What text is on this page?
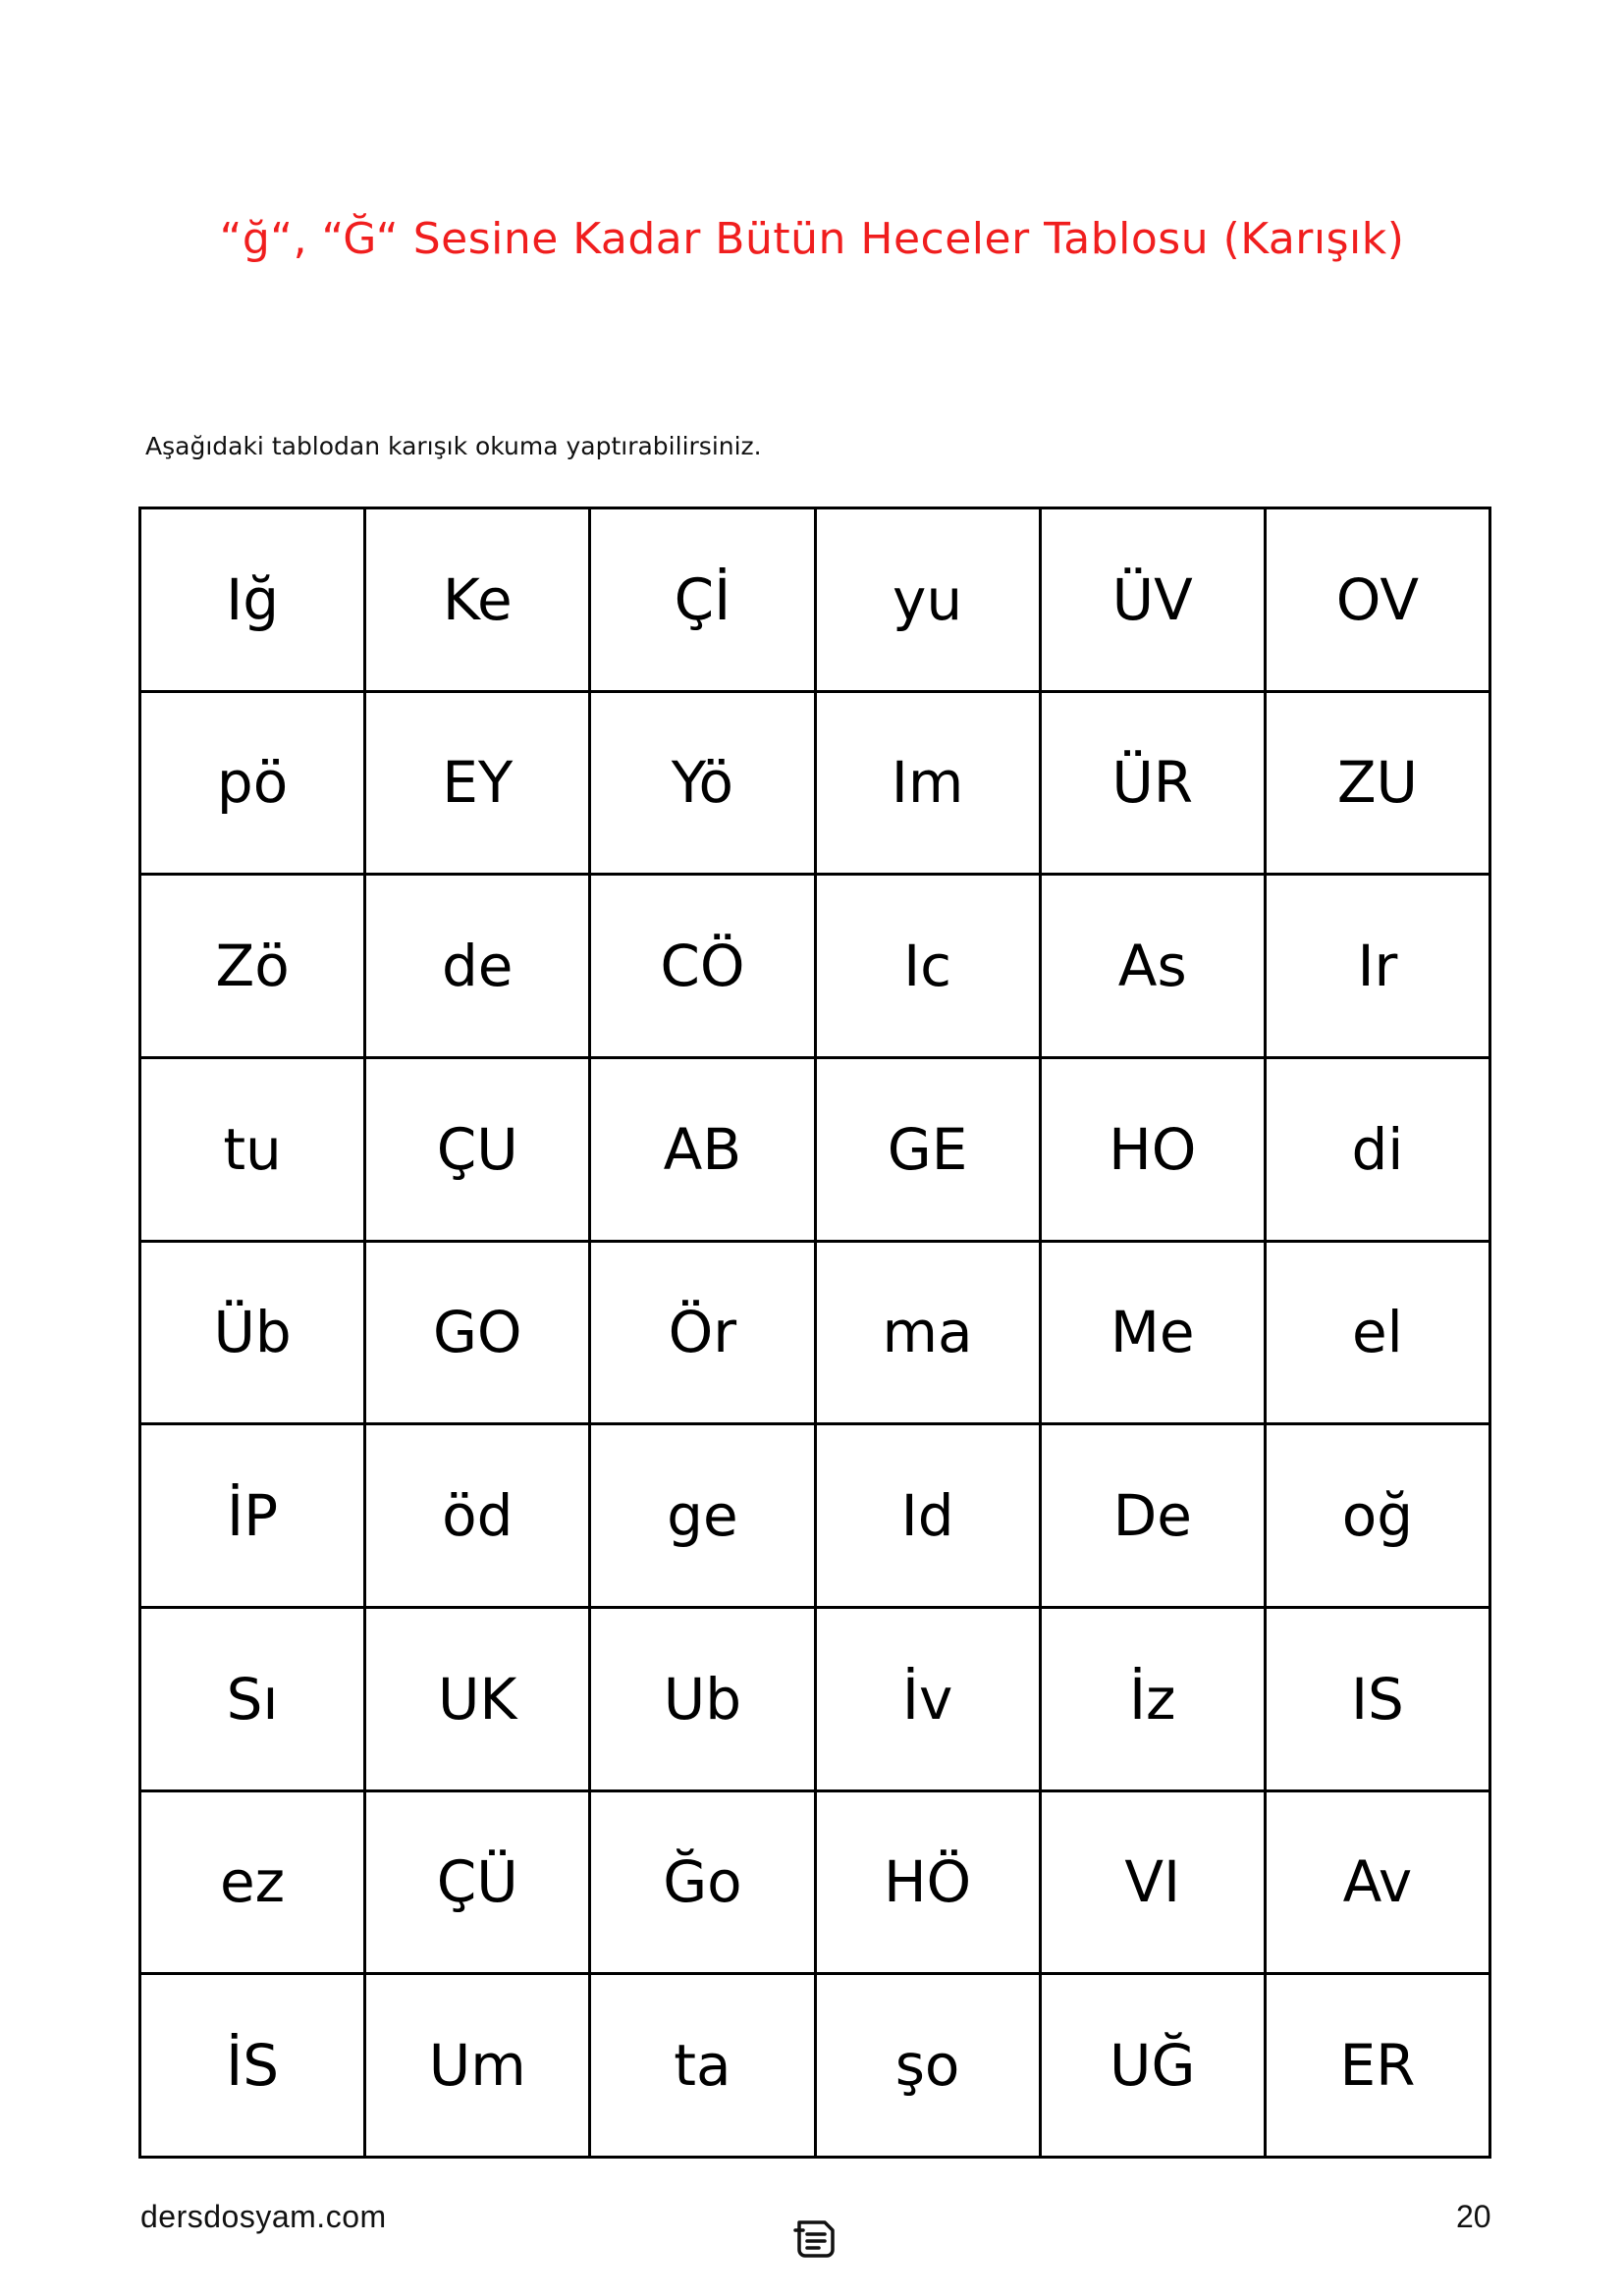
“ğ“, “Ğ“ Sesine Kadar Bütün Heceler Tablosu (Karışık)
Aşağıdaki tablodan karışık okuma yaptırabilirsiniz.
Iğ	Ke	Çİ	yu	ÜV	OV
pö	EY	Yö	Im	ÜR	ZU
Zö	de	CÖ	Ic	As	Ir
tu	ÇU	AB	GE	HO	di
Üb	GO	Ör	ma	Me	el
İP	öd	ge	Id	De	oğ
Sı	UK	Ub	İv	İz	IS
ez	ÇÜ	Ğo	HÖ	VI	Av
İS	Um	ta	şo	UĞ	ER
dersdosyam.com	20
